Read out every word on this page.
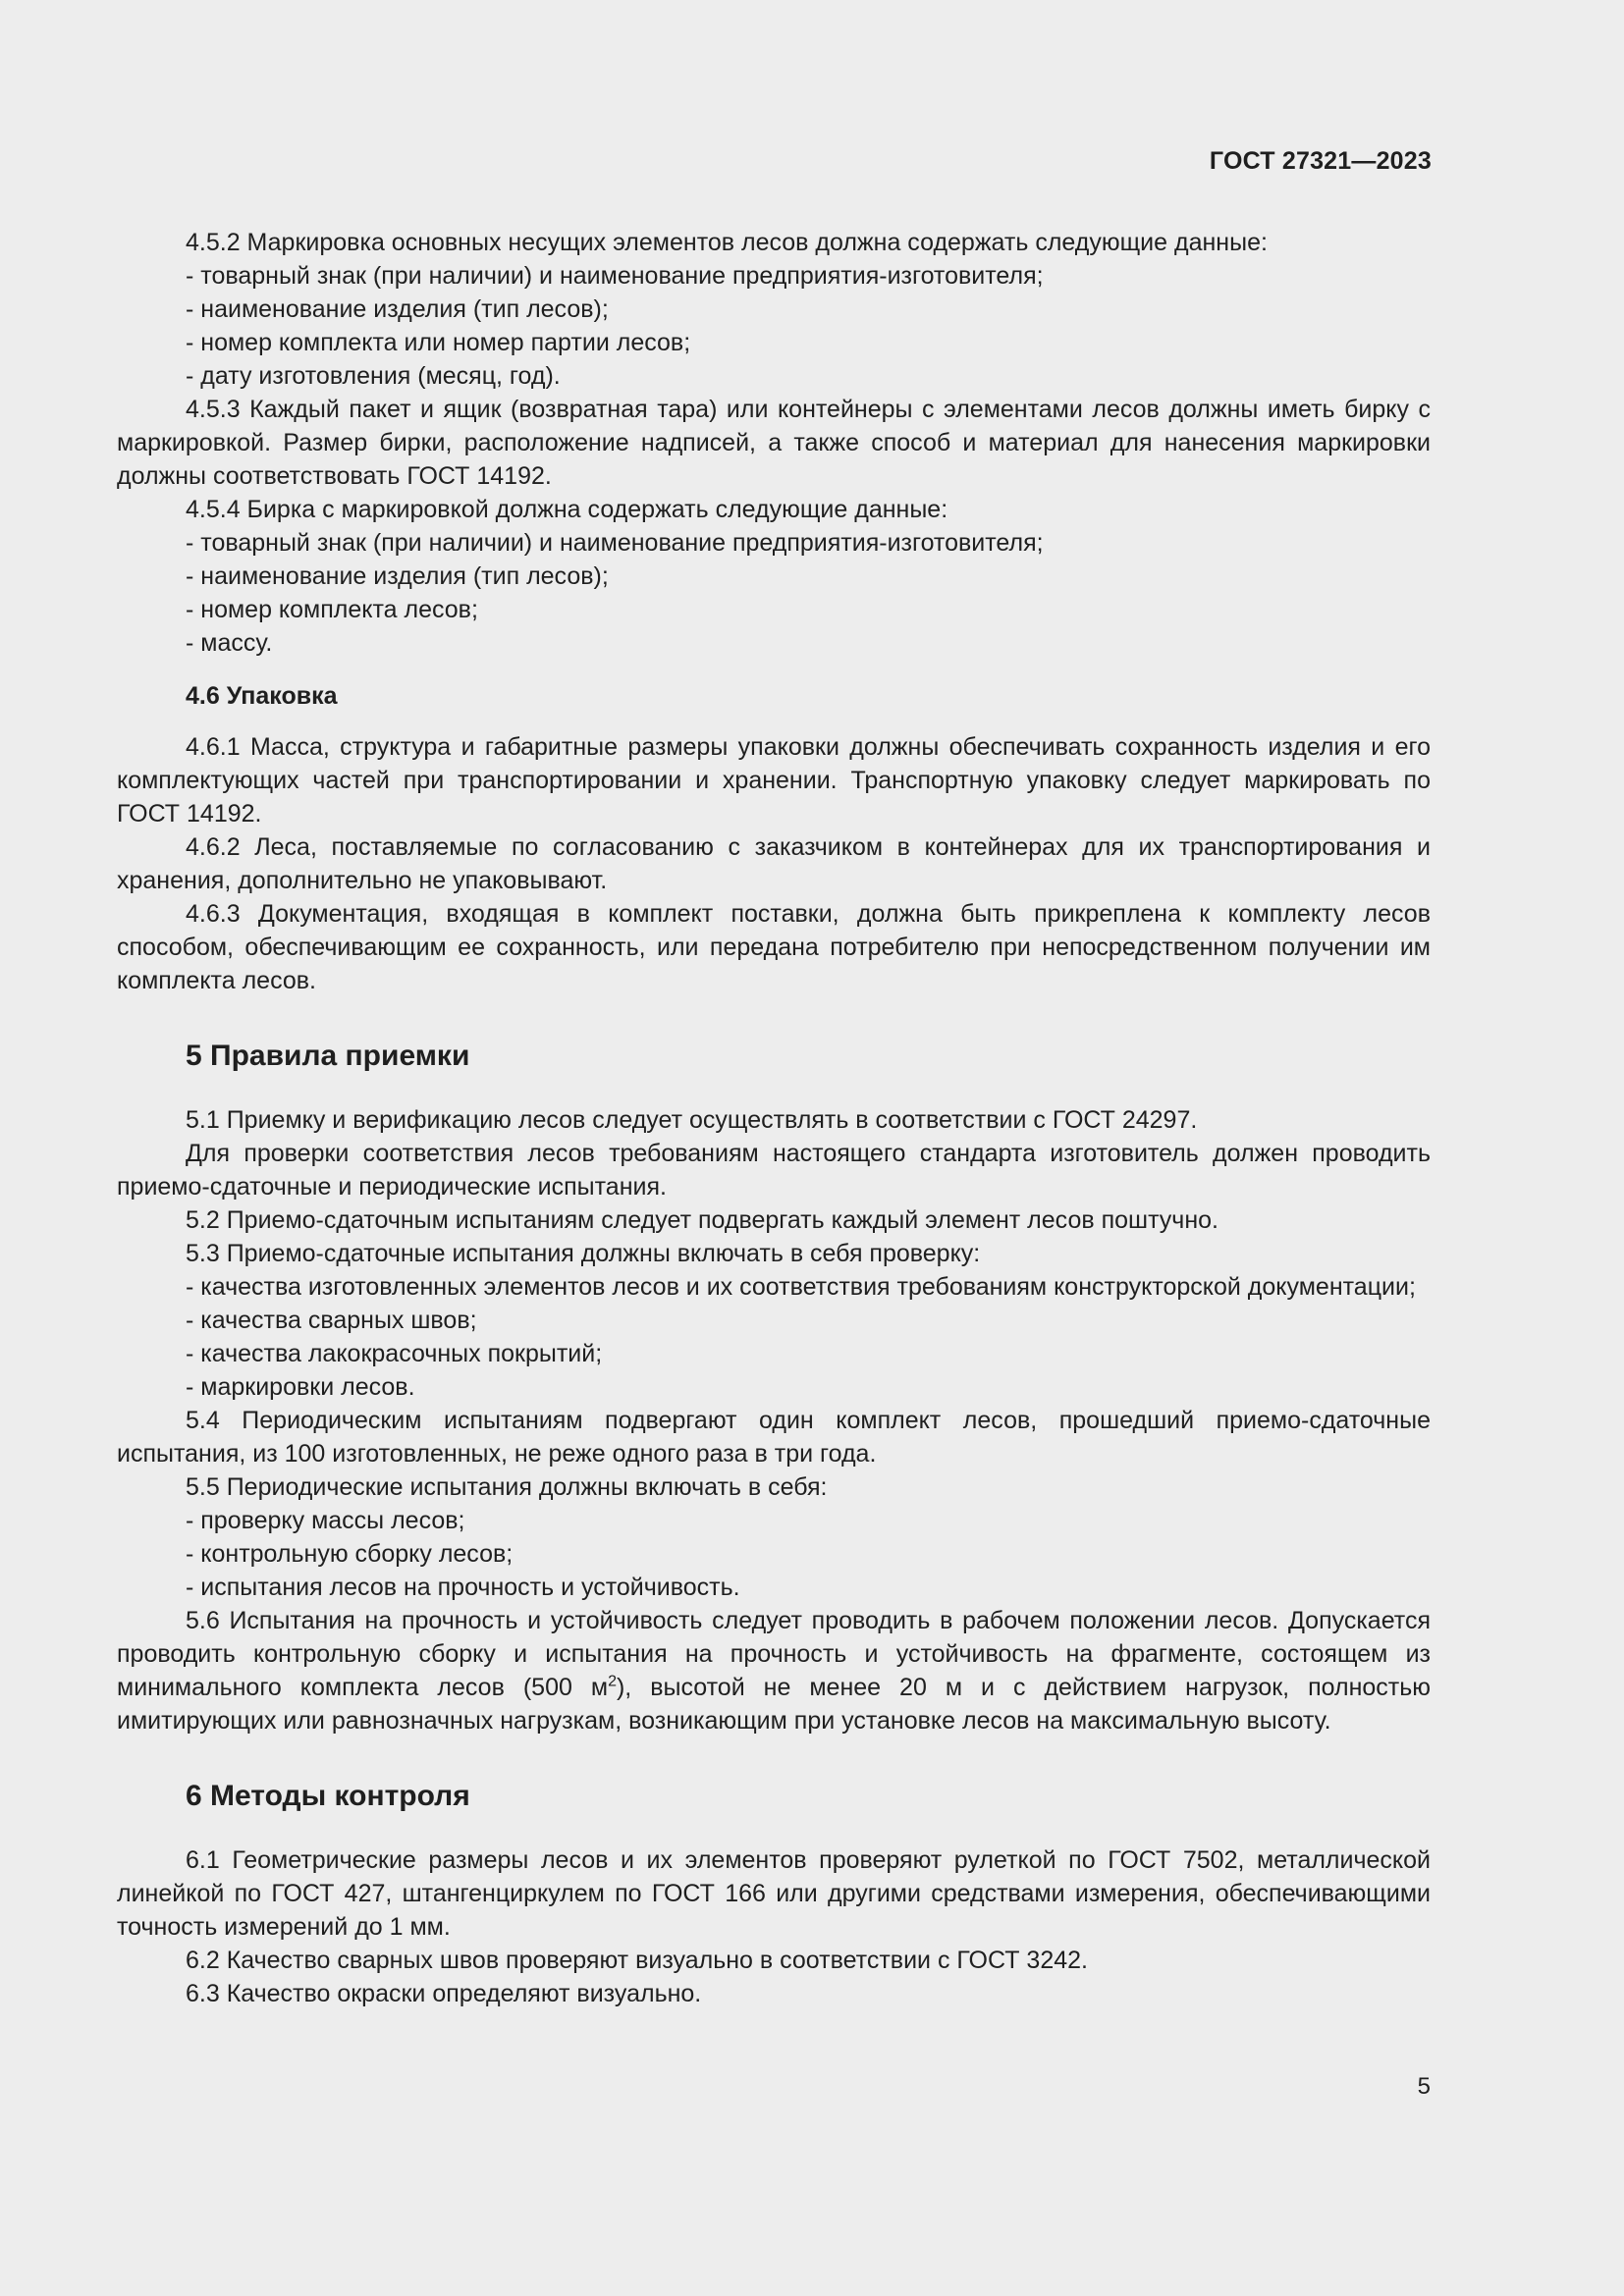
ГОСТ 27321—2023

4.5.2 Маркировка основных несущих элементов лесов должна содержать следующие данные:

- товарный знак (при наличии) и наименование предприятия-изготовителя;

- наименование изделия (тип лесов);

- номер комплекта или номер партии лесов;

- дату изготовления (месяц, год).

4.5.3 Каждый пакет и ящик (возвратная тара) или контейнеры с элементами лесов должны иметь бирку с маркировкой. Размер бирки, расположение надписей, а также способ и материал для нанесения маркировки должны соответствовать ГОСТ 14192.

4.5.4 Бирка с маркировкой должна содержать следующие данные:

- товарный знак (при наличии) и наименование предприятия-изготовителя;

- наименование изделия (тип лесов);

- номер комплекта лесов;

- массу.

4.6 Упаковка

4.6.1 Масса, структура и габаритные размеры упаковки должны обеспечивать сохранность изделия и его комплектующих частей при транспортировании и хранении. Транспортную упаковку следует маркировать по ГОСТ 14192.

4.6.2 Леса, поставляемые по согласованию с заказчиком в контейнерах для их транспортирования и хранения, дополнительно не упаковывают.

4.6.3 Документация, входящая в комплект поставки, должна быть прикреплена к комплекту лесов способом, обеспечивающим ее сохранность, или передана потребителю при непосредственном получении им комплекта лесов.

5 Правила приемки

5.1 Приемку и верификацию лесов следует осуществлять в соответствии с ГОСТ 24297.

Для проверки соответствия лесов требованиям настоящего стандарта изготовитель должен проводить приемо-сдаточные и периодические испытания.

5.2 Приемо-сдаточным испытаниям следует подвергать каждый элемент лесов поштучно.

5.3 Приемо-сдаточные испытания должны включать в себя проверку:

- качества изготовленных элементов лесов и их соответствия требованиям конструкторской документации;

- качества сварных швов;

- качества лакокрасочных покрытий;

- маркировки лесов.

5.4 Периодическим испытаниям подвергают один комплект лесов, прошедший приемо-сдаточные испытания, из 100 изготовленных, не реже одного раза в три года.

5.5 Периодические испытания должны включать в себя:

- проверку массы лесов;

- контрольную сборку лесов;

- испытания лесов на прочность и устойчивость.

5.6 Испытания на прочность и устойчивость следует проводить в рабочем положении лесов. Допускается проводить контрольную сборку и испытания на прочность и устойчивость на фрагменте, состоящем из минимального комплекта лесов (500 $м^2$), высотой не менее 20 м и с действием нагрузок, полностью имитирующих или равнозначных нагрузкам, возникающим при установке лесов на максимальную высоту.

6 Методы контроля

6.1 Геометрические размеры лесов и их элементов проверяют рулеткой по ГОСТ 7502, металлической линейкой по ГОСТ 427, штангенциркулем по ГОСТ 166 или другими средствами измерения, обеспечивающими точность измерений до 1 мм.

6.2 Качество сварных швов проверяют визуально в соответствии с ГОСТ 3242.

6.3 Качество окраски определяют визуально.

5
